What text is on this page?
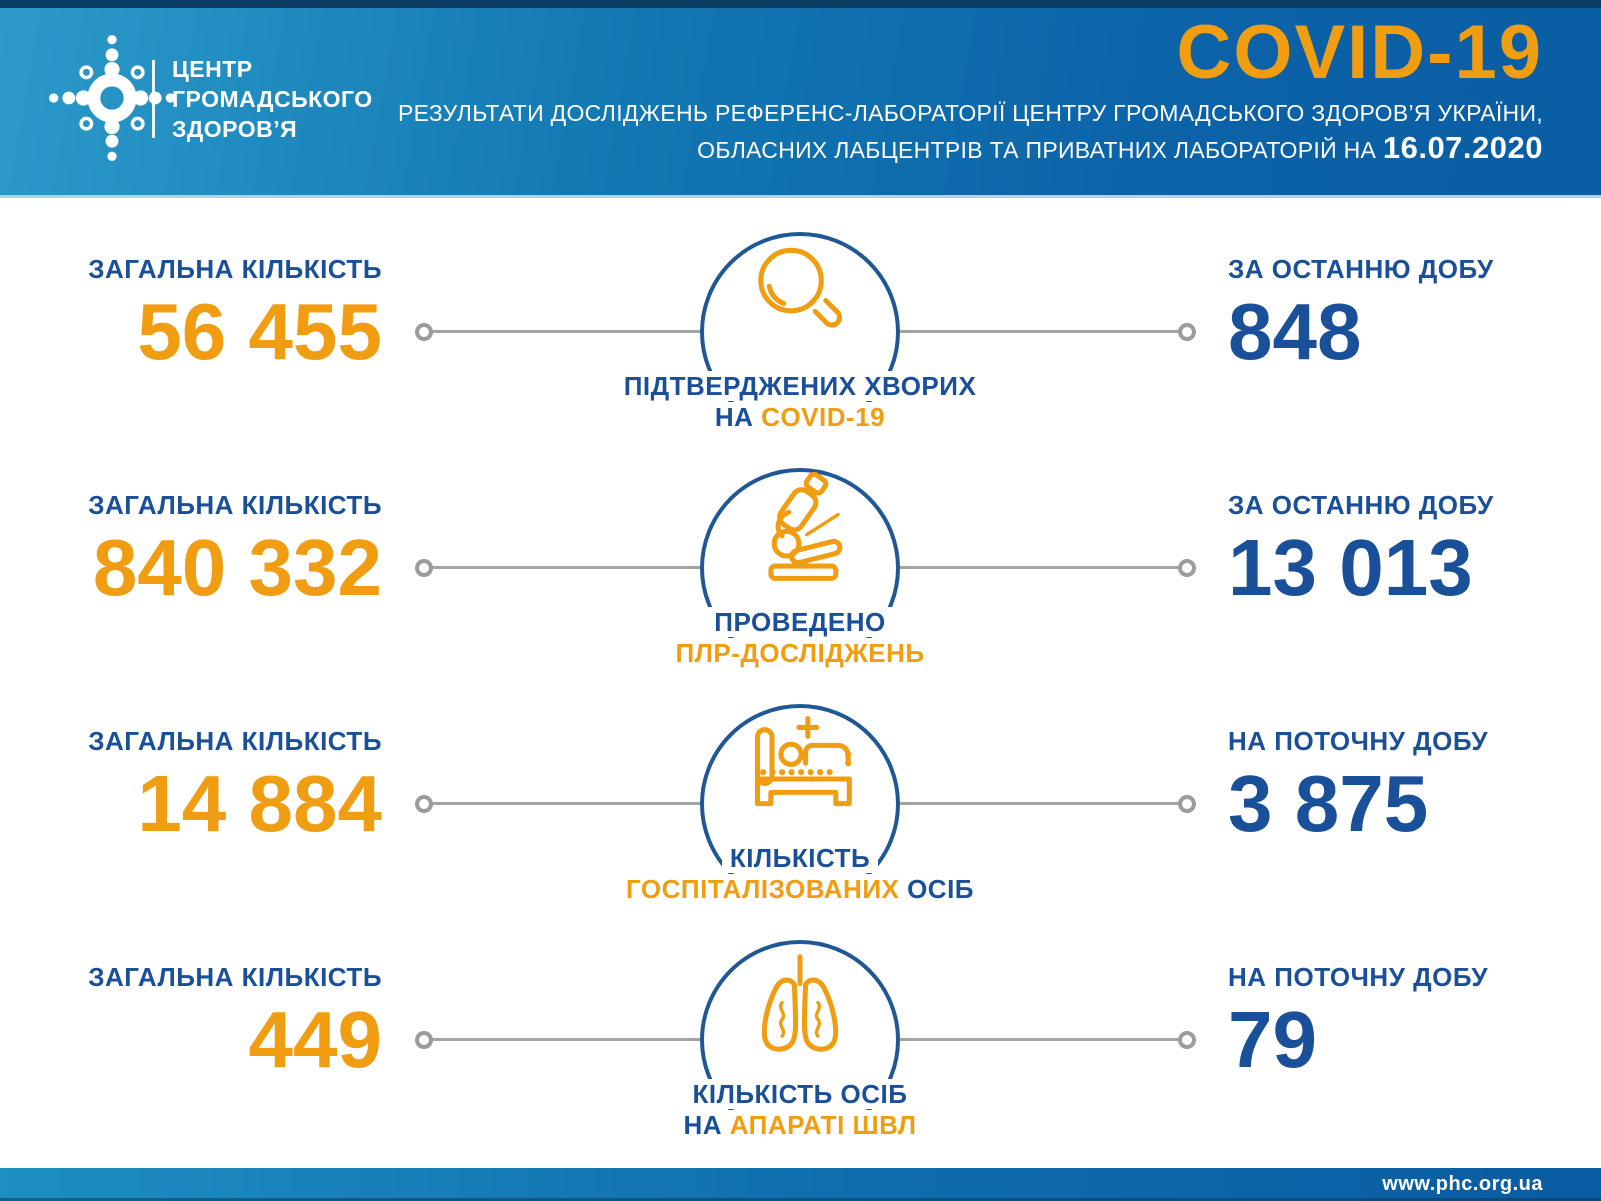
ЦЕНТР
ГРОМАДСЬКОГО
ЗДОРОВ’Я
COVID-19
РЕЗУЛЬТАТИ ДОСЛІДЖЕНЬ РЕФЕРЕНС-ЛАБОРАТОРІЇ ЦЕНТРУ ГРОМАДСЬКОГО ЗДОРОВ’Я УКРАЇНИ,
ОБЛАСНИХ ЛАБЦЕНТРІВ ТА ПРИВАТНИХ ЛАБОРАТОРІЙ НА 16.07.2020
ЗАГАЛЬНА КІЛЬКІСТЬ
56 455
ПІДТВЕРДЖЕНИХ ХВОРИХ
НА COVID-19
ЗА ОСТАННЮ ДОБУ
848
ЗАГАЛЬНА КІЛЬКІСТЬ
840 332
ПРОВЕДЕНО
ПЛР-ДОСЛІДЖЕНЬ
ЗА ОСТАННЮ ДОБУ
13 013
ЗАГАЛЬНА КІЛЬКІСТЬ
14 884
КІЛЬКІСТЬ
ГОСПІТАЛІЗОВАНИХ ОСІБ
НА ПОТОЧНУ ДОБУ
3 875
ЗАГАЛЬНА КІЛЬКІСТЬ
449
КІЛЬКІСТЬ ОСІБ
НА АПАРАТІ ШВЛ
НА ПОТОЧНУ ДОБУ
79
www.phc.org.ua
